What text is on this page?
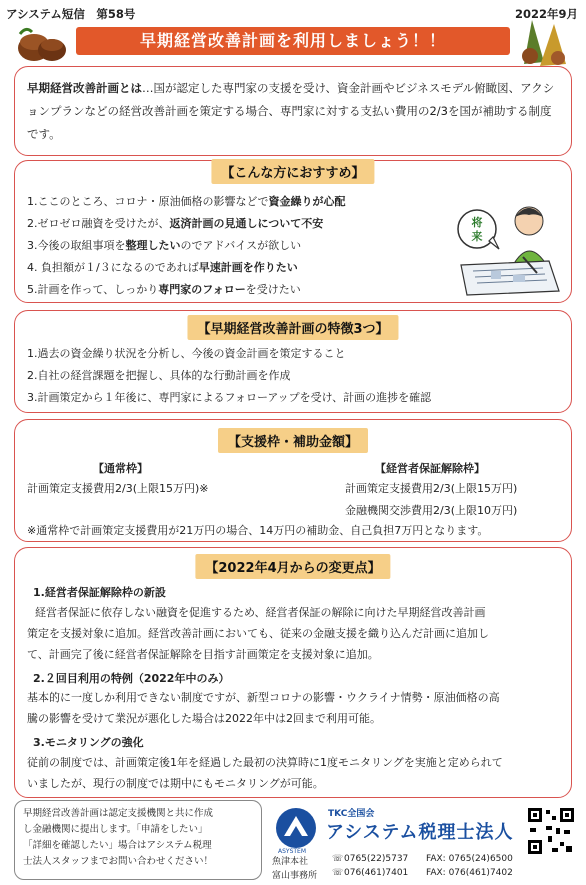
アシステム短信　第58号	2022年9月
早期経営改善計画を利用しましょう！！
早期経営改善計画とは…国が認定した専門家の支援を受け、資金計画やビジネスモデル俯瞰図、アクションプランなどの経営改善計画を策定する場合、専門家に対する支払い費用の2/3を国が補助する制度です。
【こんな方におすすめ】
1.ここのところ、コロナ・原油価格の影響などで資金繰りが心配
2.ゼロゼロ融資を受けたが、返済計画の見通しについて不安
3.今後の取組事項を整理したいのでアドバイスが欲しい
4. 負担額が１/３になるのであれば早速計画を作りたい
5.計画を作って、しっかり専門家のフォローを受けたい
将
来
【早期経営改善計画の特徴3つ】
1.過去の資金繰り状況を分析し、今後の資金計画を策定すること
2.自社の経営課題を把握し、具体的な行動計画を作成
3.計画策定から１年後に、専門家によるフォローアップを受け、計画の進捗を確認
【支援枠・補助金額】
【通常枠】
計画策定支援費用2/3(上限15万円)※
【経営者保証解除枠】
計画策定支援費用2/3(上限15万円)
金融機関交渉費用2/3(上限10万円)
※通常枠で計画策定支援費用が21万円の場合、14万円の補助金、自己負担7万円となります。
【2022年4月からの変更点】
1.経営者保証解除枠の新設
経営者保証に依存しない融資を促進するため、経営者保証の解除に向けた早期経営改善計画
策定を支援対象に追加。経営改善計画においても、従来の金融支援を織り込んだ計画に追加し
て、計画完了後に経営者保証解除を目指す計画策定を支援対象に追加。
2.２回目利用の特例（2022年中のみ）
基本的に一度しか利用できない制度ですが、新型コロナの影響・ウクライナ情勢・原油価格の高
騰の影響を受けて業況が悪化した場合は2022年中は2回まで利用可能。
3.モニタリングの強化
従前の制度では、計画策定後1年を経過した最初の決算時に1度モニタリングを実施と定められて
いましたが、現行の制度では期中にもモニタリングが可能。
早期経営改善計画は認定支援機関と共に作成
し金融機関に提出します。「申請をしたい」
「詳細を確認したい」場合はアシステム税理
士法人スタッフまでお問い合わせください！
ASYSTEM
TKC全国会
アシステム税理士法人
魚津本社	☏ 0765(22)5737 FAX: 0765(24)6500
富山事務所 ☏ 076(461)7401 FAX: 076(461)7402
